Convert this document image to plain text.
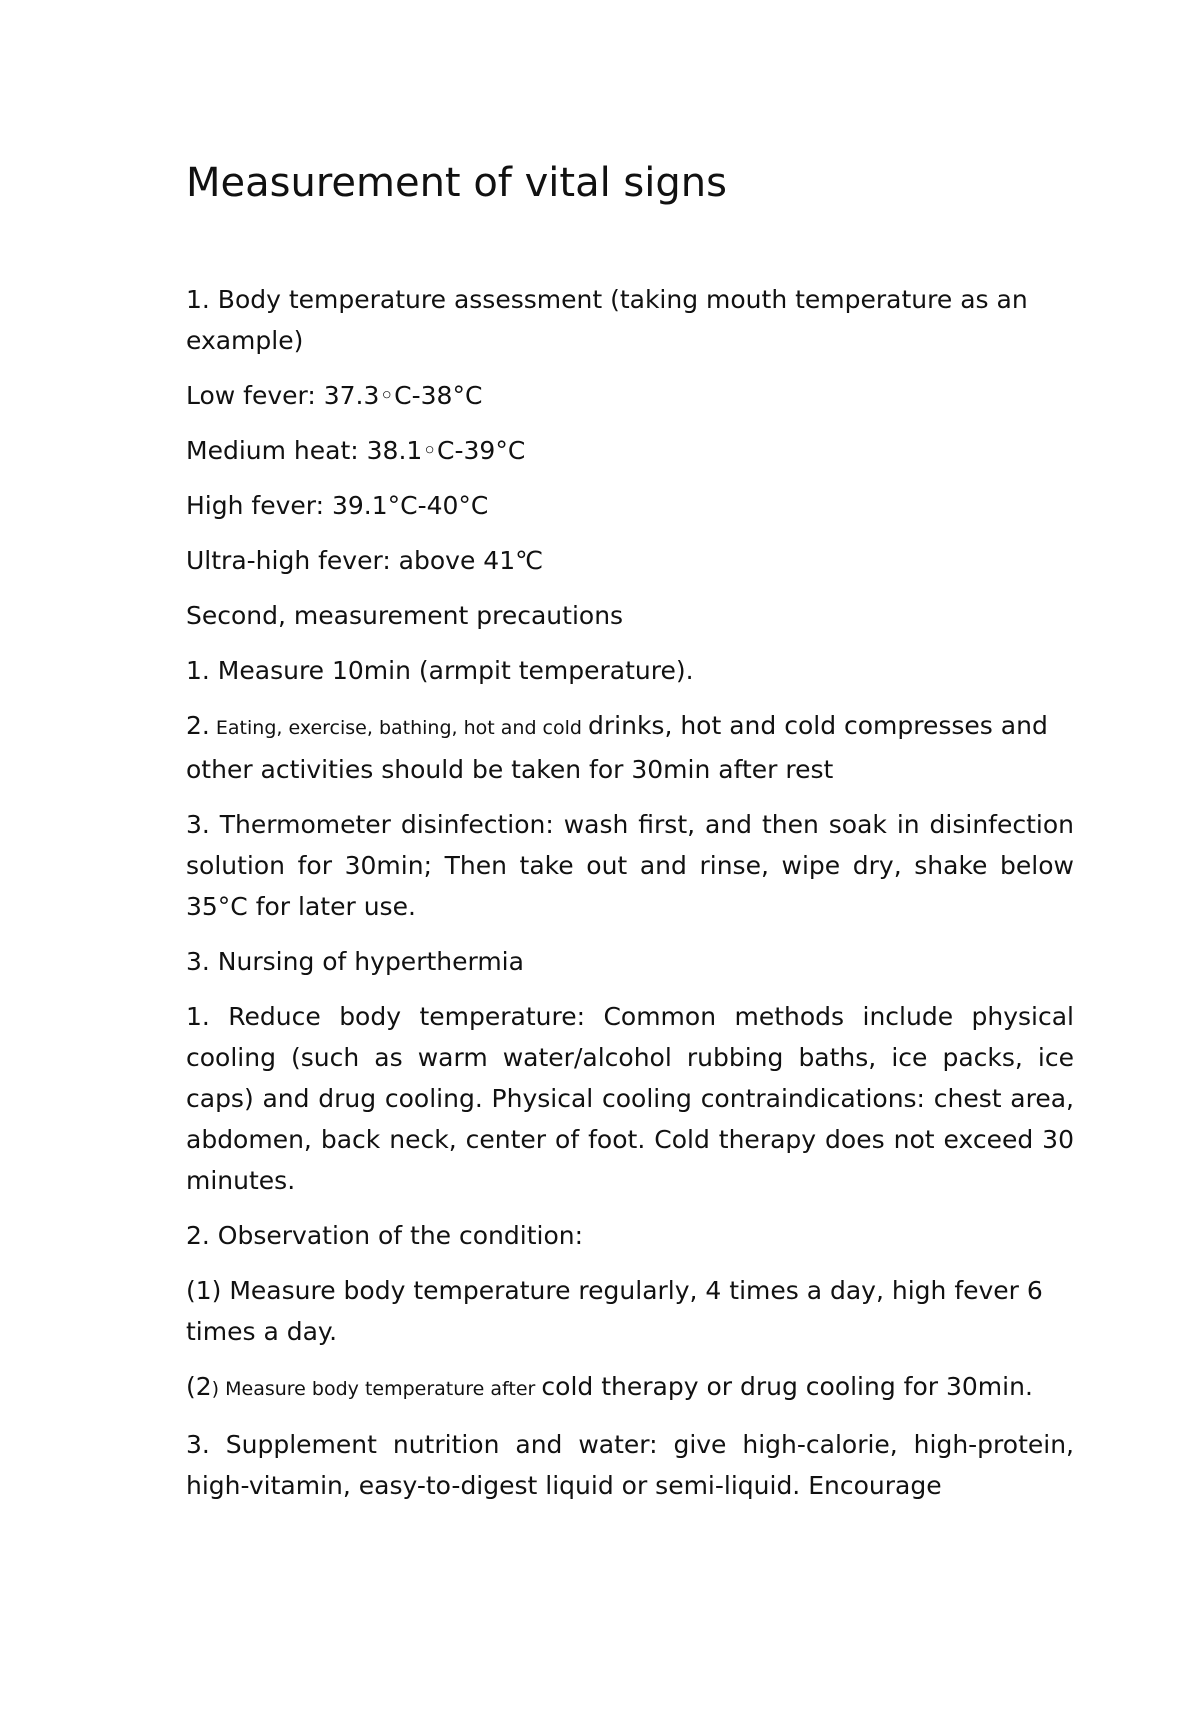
Measurement of vital signs

1. Body temperature assessment (taking mouth temperature as an example)

Low fever: 37.3◦C-38°C

Medium heat: 38.1◦C-39°C

High fever: 39.1°C-40°C

Ultra-high fever: above 41℃

Second, measurement precautions

1. Measure 10min (armpit temperature).

2. Eating, exercise, bathing, hot and cold drinks, hot and cold compresses and other activities should be taken for 30min after rest

3. Thermometer disinfection: wash first, and then soak in disinfection solution for 30min; Then take out and rinse, wipe dry, shake below 35°C for later use.

3. Nursing of hyperthermia

1. Reduce body temperature: Common methods include physical cooling (such as warm water/alcohol rubbing baths, ice packs, ice caps) and drug cooling. Physical cooling contraindications: chest area, abdomen, back neck, center of foot. Cold therapy does not exceed 30 minutes.

2. Observation of the condition:

(1) Measure body temperature regularly, 4 times a day, high fever 6 times a day.

(2) Measure body temperature after cold therapy or drug cooling for 30min.

3. Supplement nutrition and water: give high-calorie, high-protein, high-vitamin, easy-to-digest liquid or semi-liquid. Encourage
